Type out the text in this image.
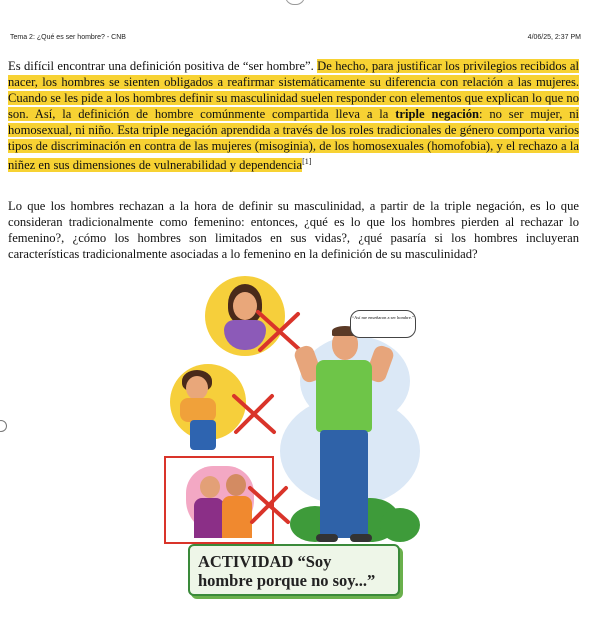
Tema 2: ¿Qué es ser hombre? - CNB	4/06/25, 2:37 PM
Es difícil encontrar una definición positiva de “ser hombre”. De hecho, para justificar los privilegios recibidos al nacer, los hombres se sienten obligados a reafirmar sistemáticamente su diferencia con relación a las mujeres. Cuando se les pide a los hombres definir su masculinidad suelen responder con elementos que explican lo que no son. Así, la definición de hombre comúnmente compartida lleva a la triple negación: no ser mujer, ni homosexual, ni niño. Esta triple negación aprendida a través de los roles tradicionales de género comporta varios tipos de discriminación en contra de las mujeres (misoginia), de los homosexuales (homofobia), y el rechazo a la niñez en sus dimensiones de vulnerabilidad y dependencia[1]
Lo que los hombres rechazan a la hora de definir su masculinidad, a partir de la triple negación, es lo que consideran tradicionalmente como femenino: entonces, ¿qué es lo que los hombres pierden al rechazar lo femenino?, ¿cómo los hombres son limitados en sus vidas?, ¿qué pasaría si los hombres incluyeran características tradicionalmente asociadas a lo femenino en la definición de su masculinidad?
“Así me enseñaron a ser hombre.”
ACTIVIDAD “Soy hombre porque no soy...”
